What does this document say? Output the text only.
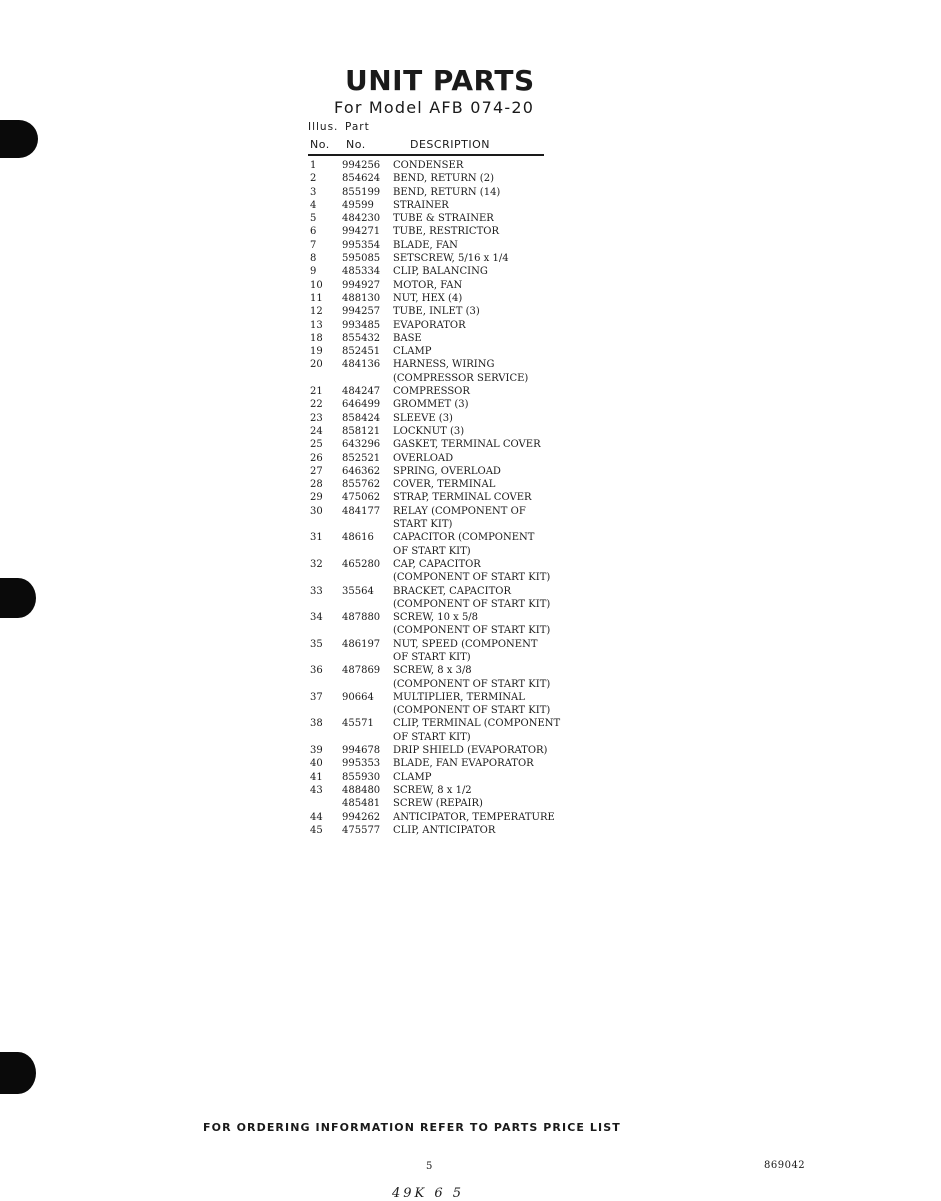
UNIT PARTS
For Model AFB 074-20
Illus. Part
No. No.	DESCRIPTION
1	994256	CONDENSER
2	854624	BEND, RETURN (2)
3	855199	BEND, RETURN (14)
4	49599	STRAINER
5	484230	TUBE & STRAINER
6	994271	TUBE, RESTRICTOR
7	995354	BLADE, FAN
8	595085	SETSCREW, 5/16 x 1/4
9	485334	CLIP, BALANCING
10	994927	MOTOR, FAN
11	488130	NUT, HEX (4)
12	994257	TUBE, INLET (3)
13	993485	EVAPORATOR
18	855432	BASE
19	852451	CLAMP
20	484136	HARNESS, WIRING
(COMPRESSOR SERVICE)
21	484247	COMPRESSOR
22	646499	GROMMET (3)
23	858424	SLEEVE (3)
24	858121	LOCKNUT (3)
25	643296	GASKET, TERMINAL COVER
26	852521	OVERLOAD
27	646362	SPRING, OVERLOAD
28	855762	COVER, TERMINAL
29	475062	STRAP, TERMINAL COVER
30	484177	RELAY (COMPONENT OF
START KIT)
31	48616	CAPACITOR (COMPONENT
OF START KIT)
32	465280	CAP, CAPACITOR
(COMPONENT OF START KIT)
33	35564	BRACKET, CAPACITOR
(COMPONENT OF START KIT)
34	487880	SCREW, 10 x 5/8
(COMPONENT OF START KIT)
35	486197	NUT, SPEED (COMPONENT
OF START KIT)
36	487869	SCREW, 8 x 3/8
(COMPONENT OF START KIT)
37	90664	MULTIPLIER, TERMINAL
(COMPONENT OF START KIT)
38	45571	CLIP, TERMINAL (COMPONENT
OF START KIT)
39	994678	DRIP SHIELD (EVAPORATOR)
40	995353	BLADE, FAN EVAPORATOR
41	855930	CLAMP
43	488480	SCREW, 8 x 1/2
485481	SCREW (REPAIR)
44	994262	ANTICIPATOR, TEMPERATURE
45	475577	CLIP, ANTICIPATOR
FOR ORDERING INFORMATION REFER TO PARTS PRICE LIST
5	869042
49K 6 5
